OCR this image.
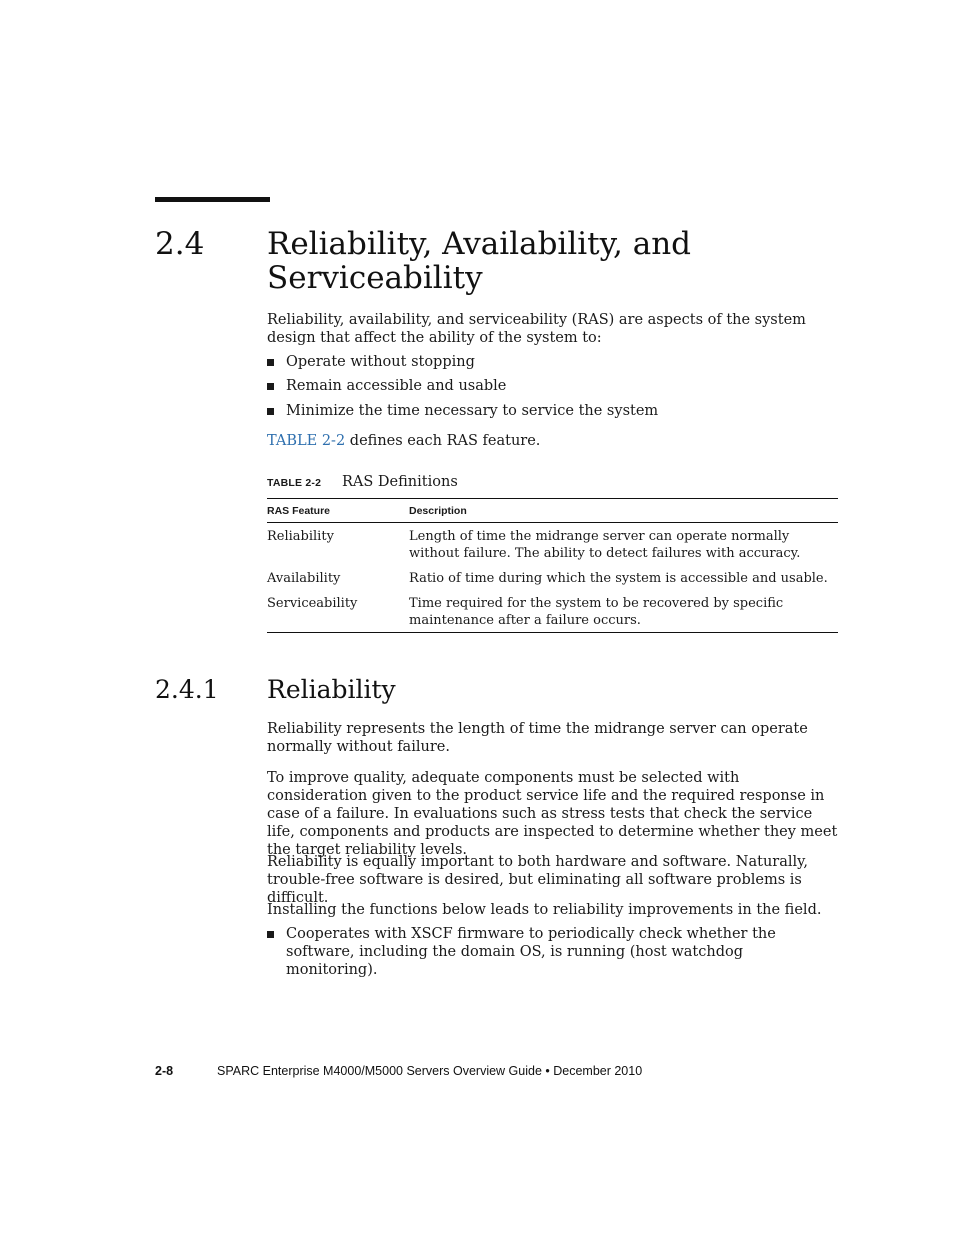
2.4 Reliability, Availability, and
Serviceability

Reliability, availability, and serviceability (RAS) are aspects of the system design that affect the ability of the system to:

Operate without stopping
Remain accessible and usable
Minimize the time necessary to service the system

TABLE 2-2 defines each RAS feature.

TABLE 2-2 RAS Definitions
RAS Feature	Description
Reliability	Length of time the midrange server can operate normally without failure. The ability to detect failures with accuracy.
Availability	Ratio of time during which the system is accessible and usable.
Serviceability	Time required for the system to be recovered by specific maintenance after a failure occurs.
2.4.1 Reliability

Reliability represents the length of time the midrange server can operate normally without failure.

To improve quality, adequate components must be selected with consideration given to the product service life and the required response in case of a failure. In evaluations such as stress tests that check the service life, components and products are inspected to determine whether they meet the target reliability levels.

Reliability is equally important to both hardware and software. Naturally, trouble-free software is desired, but eliminating all software problems is difficult.

Installing the functions below leads to reliability improvements in the field.

Cooperates with XSCF firmware to periodically check whether the software, including the domain OS, is running (host watchdog monitoring).
2-8	SPARC Enterprise M4000/M5000 Servers Overview Guide • December 2010
